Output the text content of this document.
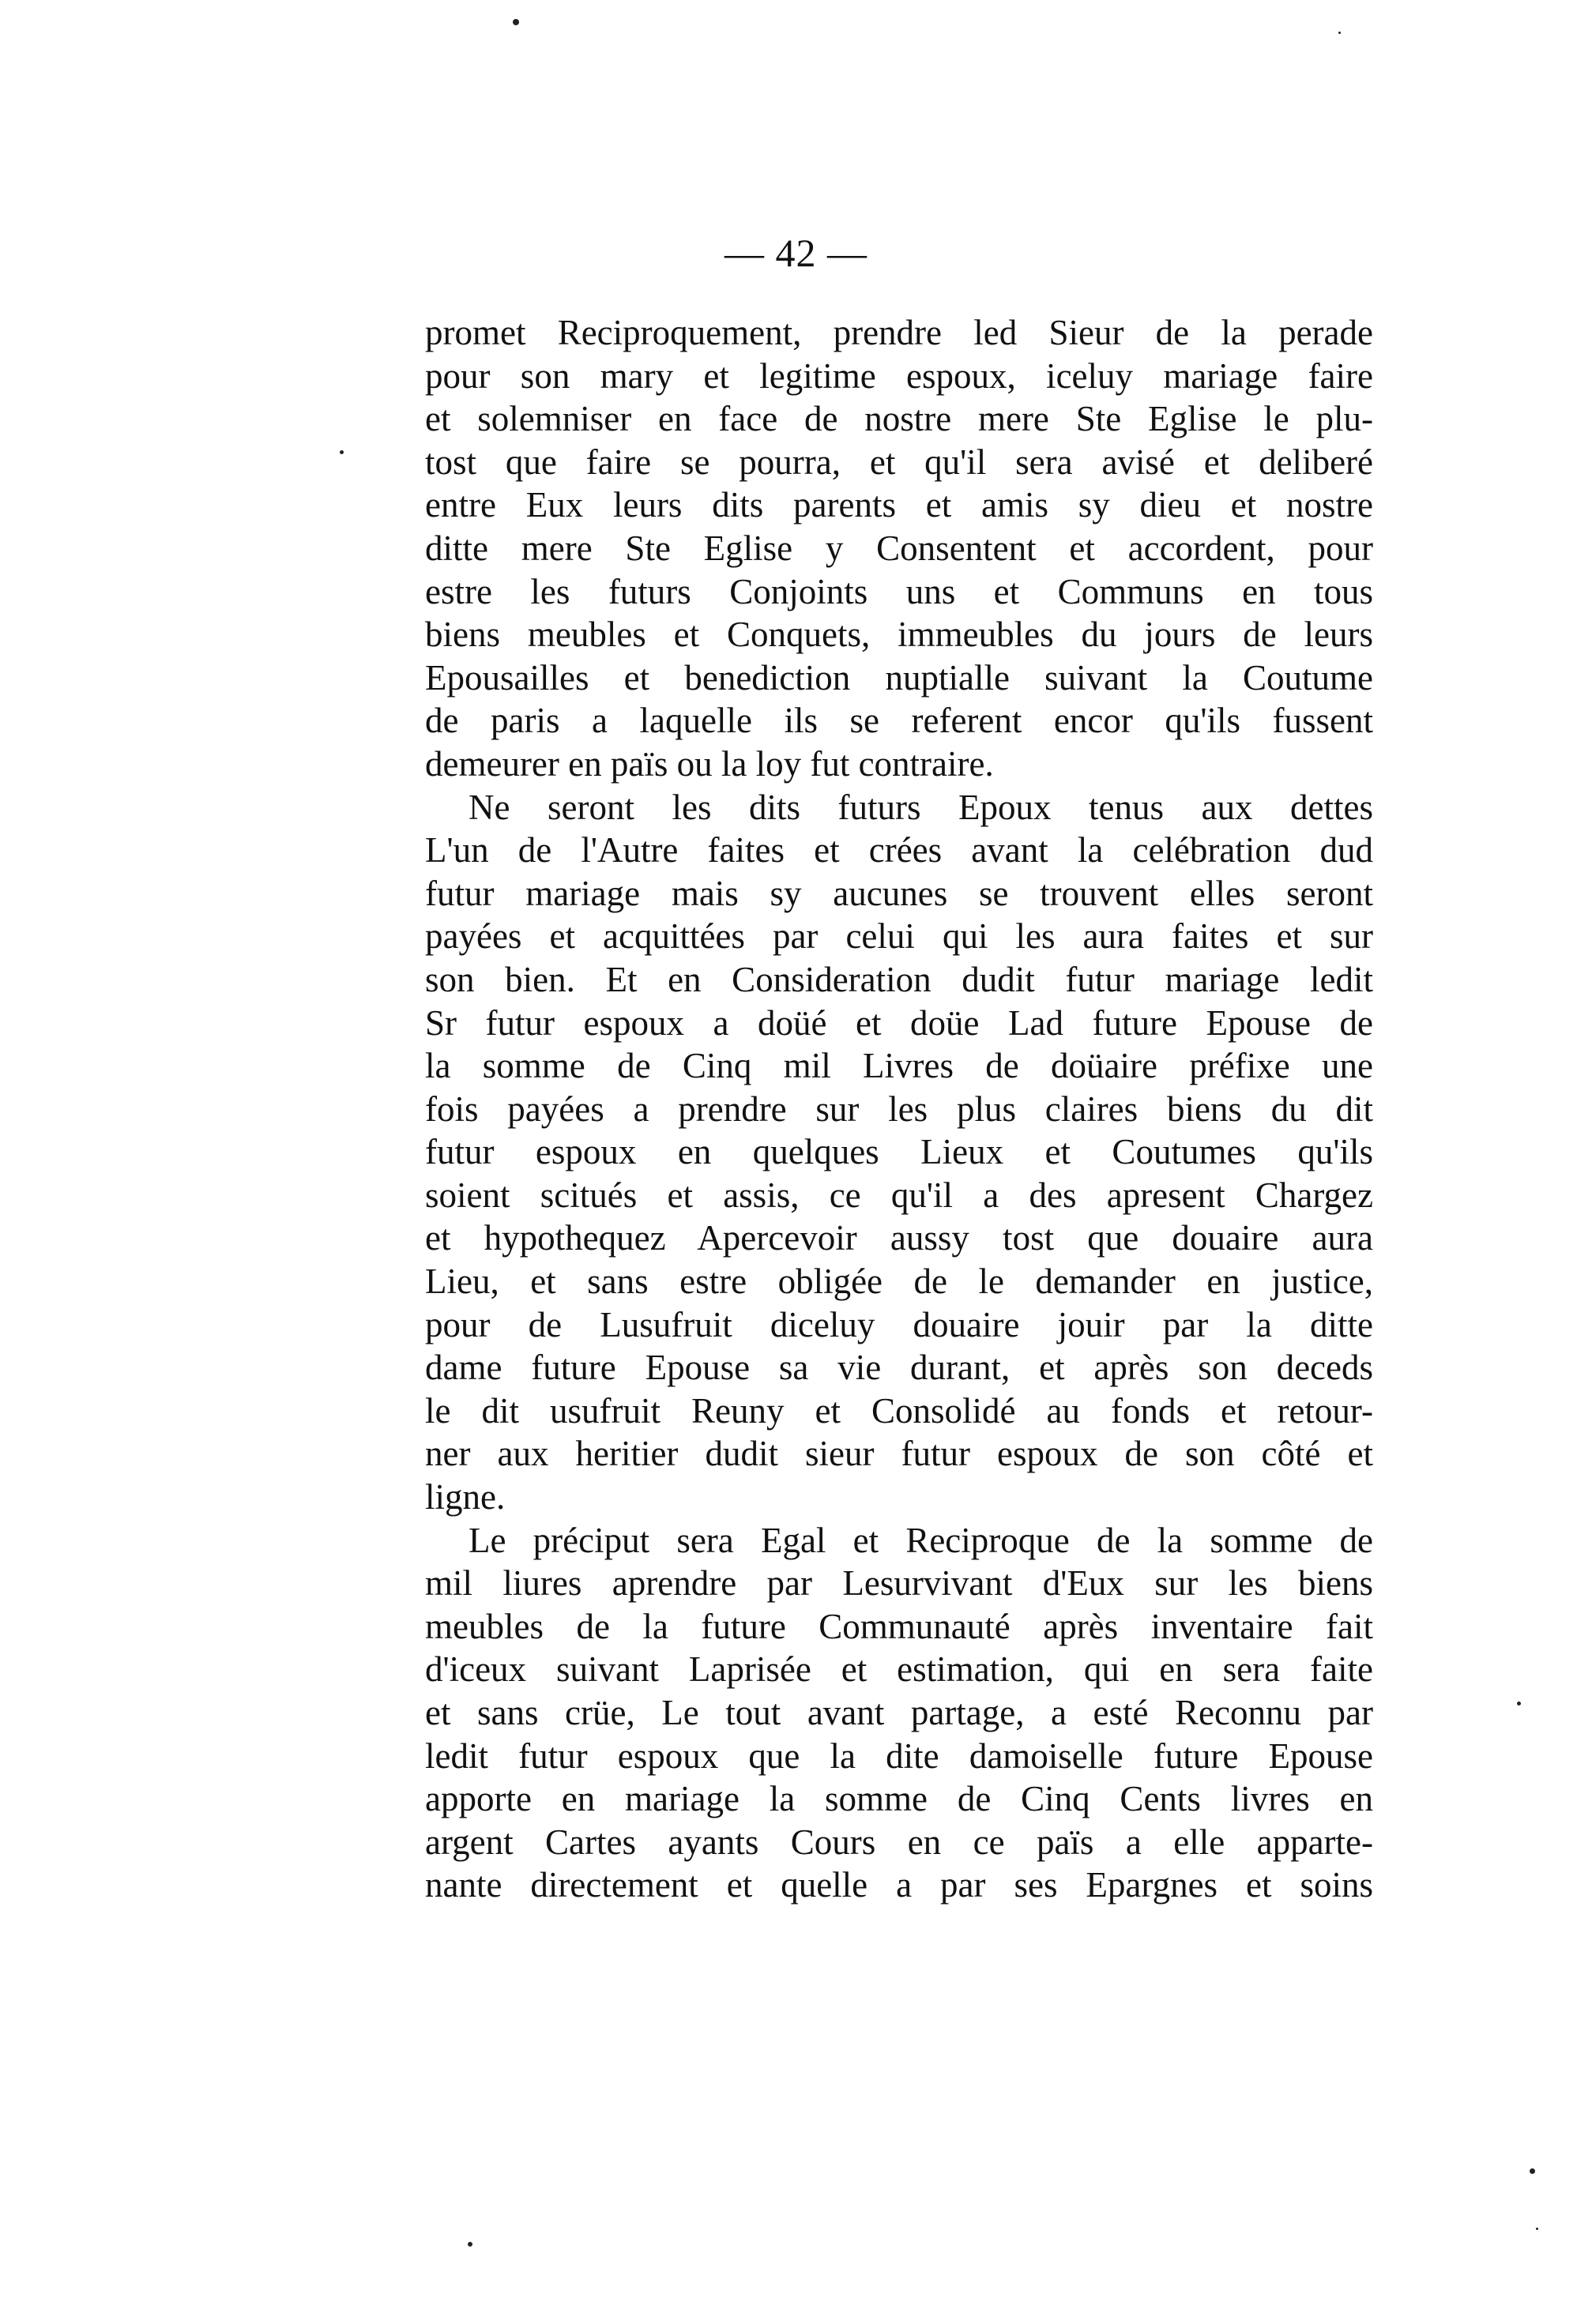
— 42 —
promet Reciproquement, prendre led Sieur de la perade
pour son mary et legitime espoux, iceluy mariage faire
et solemniser en face de nostre mere Ste Eglise le plu-
tost que faire se pourra, et qu'il sera avisé et deliberé
entre Eux leurs dits parents et amis sy dieu et nostre
ditte mere Ste Eglise y Consentent et accordent, pour
estre les futurs Conjoints uns et Communs en tous
biens meubles et Conquets, immeubles du jours de leurs
Epousailles et benediction nuptialle suivant la Coutume
de paris a laquelle ils se referent encor qu'ils fussent
demeurer en païs ou la loy fut contraire.
Ne seront les dits futurs Epoux tenus aux dettes
L'un de l'Autre faites et crées avant la celébration dud
futur mariage mais sy aucunes se trouvent elles seront
payées et acquittées par celui qui les aura faites et sur
son bien. Et en Consideration dudit futur mariage ledit
Sr futur espoux a doüé et doüe Lad future Epouse de
la somme de Cinq mil Livres de doüaire préfixe une
fois payées a prendre sur les plus claires biens du dit
futur espoux en quelques Lieux et Coutumes qu'ils
soient scitués et assis, ce qu'il a des apresent Chargez
et hypothequez Apercevoir aussy tost que douaire aura
Lieu, et sans estre obligée de le demander en justice,
pour de Lusufruit diceluy douaire jouir par la ditte
dame future Epouse sa vie durant, et après son deceds
le dit usufruit Reuny et Consolidé au fonds et retour-
ner aux heritier dudit sieur futur espoux de son côté et
ligne.
Le préciput sera Egal et Reciproque de la somme de
mil liures aprendre par Lesurvivant d'Eux sur les biens
meubles de la future Communauté après inventaire fait
d'iceux suivant Laprisée et estimation, qui en sera faite
et sans crüe, Le tout avant partage, a esté Reconnu par
ledit futur espoux que la dite damoiselle future Epouse
apporte en mariage la somme de Cinq Cents livres en
argent Cartes ayants Cours en ce païs a elle apparte-
nante directement et quelle a par ses Epargnes et soins
